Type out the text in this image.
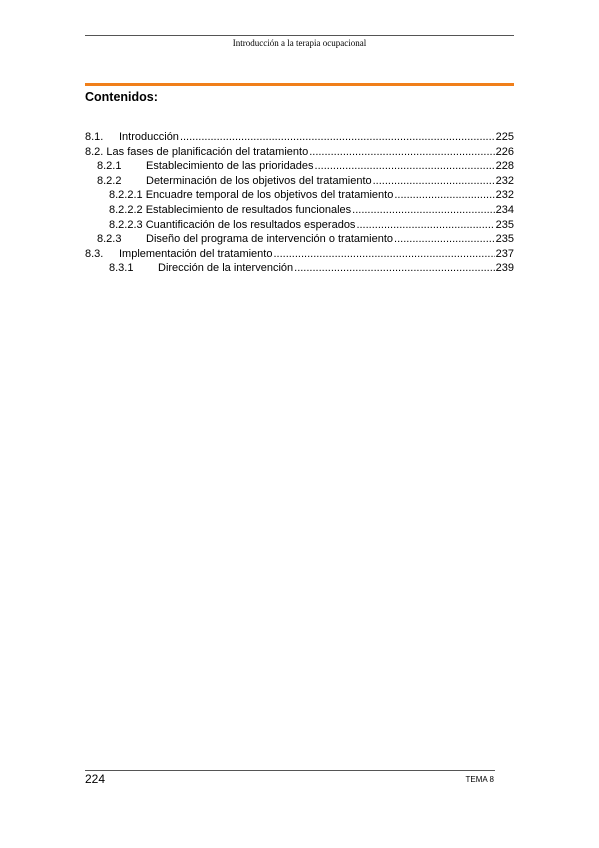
Introducción a la terapia ocupacional
Contenidos:
8.1.	Introducción .....	225
8.2. Las fases de planificación del tratamiento .....	226
8.2.1	Establecimiento de las prioridades .....	228
8.2.2	Determinación de los objetivos del tratamiento .....	232
8.2.2.1 Encuadre temporal de los objetivos del tratamiento .....	232
8.2.2.2 Establecimiento de resultados funcionales .....	234
8.2.2.3 Cuantificación de los resultados esperados .....	235
8.2.3	Diseño del programa de intervención o tratamiento .....	235
8.3.	Implementación del tratamiento .....	237
8.3.1	Dirección de la intervención .....	239
224	TEMA 8
